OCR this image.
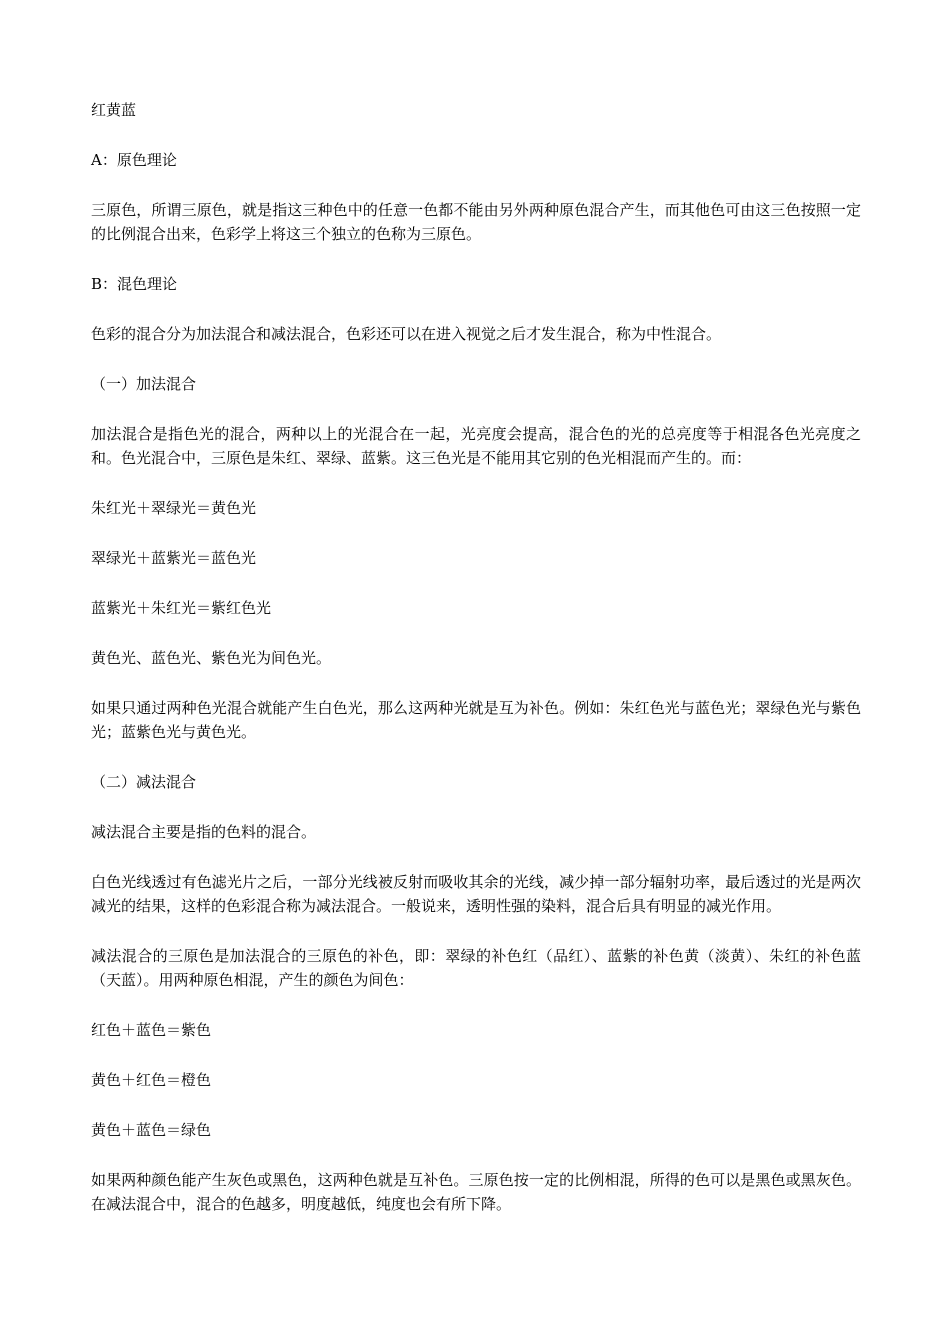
红黄蓝

A：原色理论

三原色，所谓三原色，就是指这三种色中的任意一色都不能由另外两种原色混合产生，而其他色可由这三色按照一定的比例混合出来，色彩学上将这三个独立的色称为三原色。

B：混色理论

色彩的混合分为加法混合和减法混合，色彩还可以在进入视觉之后才发生混合，称为中性混合。

（一）加法混合

加法混合是指色光的混合，两种以上的光混合在一起，光亮度会提高，混合色的光的总亮度等于相混各色光亮度之和。色光混合中，三原色是朱红、翠绿、蓝紫。这三色光是不能用其它别的色光相混而产生的。而：

朱红光＋翠绿光＝黄色光

翠绿光＋蓝紫光＝蓝色光

蓝紫光＋朱红光＝紫红色光

黄色光、蓝色光、紫色光为间色光。

如果只通过两种色光混合就能产生白色光，那么这两种光就是互为补色。例如：朱红色光与蓝色光；翠绿色光与紫色光；蓝紫色光与黄色光。

（二）减法混合

减法混合主要是指的色料的混合。

白色光线透过有色滤光片之后，一部分光线被反射而吸收其余的光线，减少掉一部分辐射功率，最后透过的光是两次减光的结果，这样的色彩混合称为减法混合。一般说来，透明性强的染料，混合后具有明显的减光作用。

减法混合的三原色是加法混合的三原色的补色，即：翠绿的补色红（品红）、蓝紫的补色黄（淡黄）、朱红的补色蓝（天蓝）。用两种原色相混，产生的颜色为间色：

红色＋蓝色＝紫色

黄色＋红色＝橙色

黄色＋蓝色＝绿色

如果两种颜色能产生灰色或黑色，这两种色就是互补色。三原色按一定的比例相混，所得的色可以是黑色或黑灰色。在减法混合中，混合的色越多，明度越低，纯度也会有所下降。
